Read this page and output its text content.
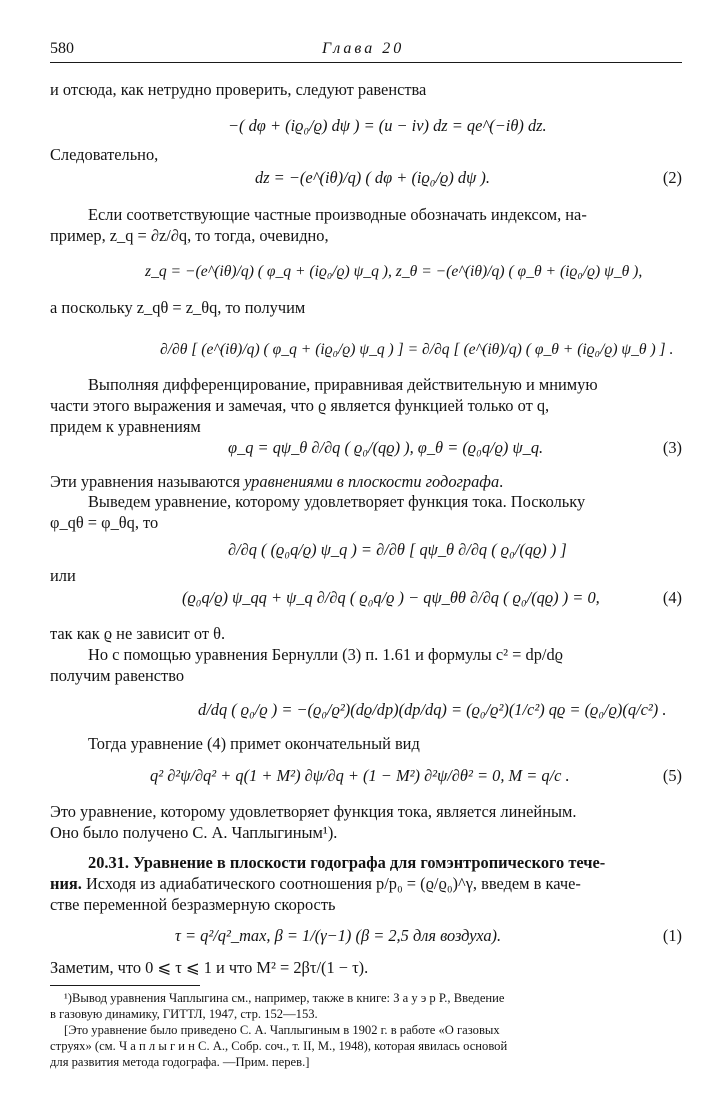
580	Глава 20
и отсюда, как нетрудно проверить, следуют равенства
−( dφ + (iϱ₀/ϱ) dψ ) = (u − iv) dz = qe^(−iθ) dz.
Следовательно,
dz = −(e^(iθ)/q) ( dφ + (iϱ₀/ϱ) dψ ).	(2)
Если соответствующие частные производные обозначать индексом, на-
пример, z_q = ∂z/∂q, то тогда, очевидно,
z_q = −(e^(iθ)/q) ( φ_q + (iϱ₀/ϱ) ψ_q ), z_θ = −(e^(iθ)/q) ( φ_θ + (iϱ₀/ϱ) ψ_θ ),
а поскольку z_qθ = z_θq, то получим
∂/∂θ [ (e^(iθ)/q) ( φ_q + (iϱ₀/ϱ) ψ_q ) ] = ∂/∂q [ (e^(iθ)/q) ( φ_θ + (iϱ₀/ϱ) ψ_θ ) ] .
Выполняя дифференцирование, приравнивая действительную и мнимую
части этого выражения и замечая, что ϱ является функцией только от q,
придем к уравнениям
φ_q = qψ_θ ∂/∂q ( ϱ₀/(qϱ) ), φ_θ = (ϱ₀q/ϱ) ψ_q.	(3)
Эти уравнения называются уравнениями в плоскости годографа.
Выведем уравнение, которому удовлетворяет функция тока. Поскольку
φ_qθ = φ_θq, то
∂/∂q ( (ϱ₀q/ϱ) ψ_q ) = ∂/∂θ [ qψ_θ ∂/∂q ( ϱ₀/(qϱ) ) ]
или
(ϱ₀q/ϱ) ψ_qq + ψ_q ∂/∂q ( ϱ₀q/ϱ ) − qψ_θθ ∂/∂q ( ϱ₀/(qϱ) ) = 0,	(4)
так как ϱ не зависит от θ.
Но с помощью уравнения Бернулли (3) п. 1.61 и формулы c² = dp/dϱ
получим равенство
d/dq ( ϱ₀/ϱ ) = −(ϱ₀/ϱ²)(dϱ/dp)(dp/dq) = (ϱ₀/ϱ²)(1/c²) qϱ = (ϱ₀/ϱ)(q/c²) .
Тогда уравнение (4) примет окончательный вид
q² ∂²ψ/∂q² + q(1 + M²) ∂ψ/∂q + (1 − M²) ∂²ψ/∂θ² = 0, M = q/c .	(5)
Это уравнение, которому удовлетворяет функция тока, является линейным.
Оно было получено С. А. Чаплыгиным¹).
20.31. Уравнение в плоскости годографа для гомэнтропического тече-
ния. Исходя из адиабатического соотношения p/p₀ = (ϱ/ϱ₀)^γ, введем в каче-
стве переменной безразмерную скорость
τ = q²/q²_max, β = 1/(γ−1) (β = 2,5 для воздуха).	(1)
Заметим, что 0 ⩽ τ ⩽ 1 и что M² = 2βτ/(1 − τ).
¹)Вывод уравнения Чаплыгина см., например, также в книге: З а у э р Р., Введение
в газовую динамику, ГИТТЛ, 1947, стр. 152—153.
[Это уравнение было приведено С. А. Чаплыгиным в 1902 г. в работе «О газовых
струях» (см. Ч а п л ы г и н С. А., Собр. соч., т. II, М., 1948), которая явилась основой
для развития метода годографа. —Прим. перев.]
